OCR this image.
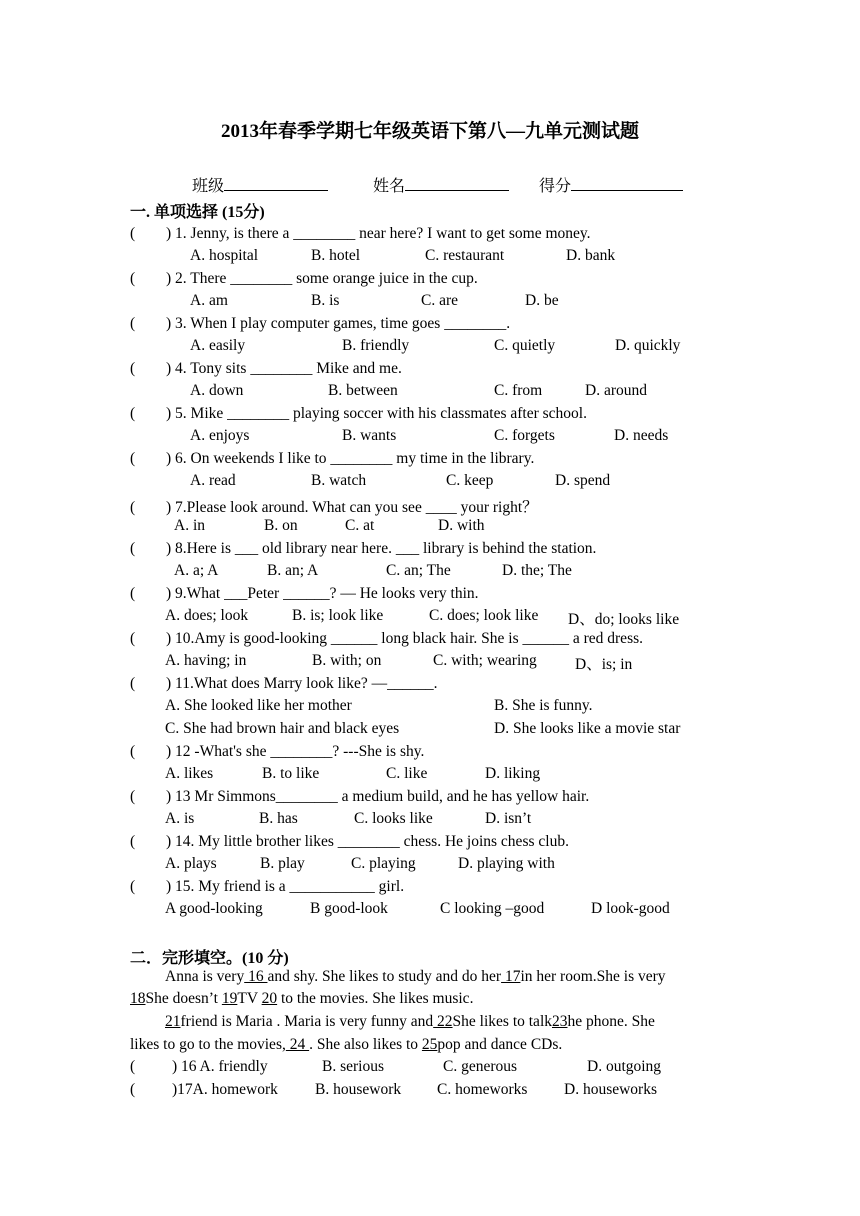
2013年春季学期七年级英语下第八—九单元测试题
班级	姓名	得分
一. 单项选择 (15分)
( ) 1. Jenny, is there a ________ near here? I want to get some money.
A. hospital	B. hotel	C. restaurant	D. bank
( ) 2. There ________ some orange juice in the cup.
A. am	B. is	C. are	D. be
( ) 3. When I play computer games, time goes ________.
A. easily	B. friendly	C. quietly	D. quickly
( ) 4. Tony sits ________ Mike and me.
A. down	B. between	C. from	D. around
( ) 5. Mike ________ playing soccer with his classmates after school.
A. enjoys	B. wants	C. forgets	D. needs
( ) 6. On weekends I like to ________ my time in the library.
A. read	B. watch	C. keep	D. spend
( ) 7.Please look around. What can you see ____ your right？
A. in	B. on	C. at	D. with
( ) 8.Here is ___ old library near here. ___ library is behind the station.
A. a; A	B. an; A	C. an; The	D. the; The
( ) 9.What ___Peter ______? — He looks very thin.
A. does; look	B. is; look like	C. does; look like D、do; looks like
( ) 10.Amy is good-looking ______ long black hair. She is ______ a red dress.
A. having; in	B. with; on	C. with; wearing D、is; in
( ) 11.What does Marry look like? —______.
A. She looked like her mother	B. She is funny.
C. She had brown hair and black eyes	D. She looks like a movie star
( ) 12 -What's she ________? ---She is shy.
A. likes	B. to like	C. like	D. liking
( ) 13 Mr Simmons________ a medium build, and he has yellow hair.
A. is	B. has	C. looks like	D. isn’t
( ) 14. My little brother likes ________ chess. He joins chess club.
A. plays	B. play	C. playing	D. playing with
( ) 15. My friend is a ___________ girl.
A good-looking	B good-look	C looking –good	D look-good
二．完形填空。(10 分)
Anna is very 16 and shy. She likes to study and do her 17in her room.She is very
18She doesn’t 19TV 20 to the movies. She likes music.
21friend is Maria . Maria is very funny and 22She likes to talk23he phone. She
likes to go to the movies, 24 . She also likes to 25pop and dance CDs.
( ) 16 A. friendly	B. serious	C. generous	D. outgoing
( )17A. homework B. housework C. homeworks D. houseworks
